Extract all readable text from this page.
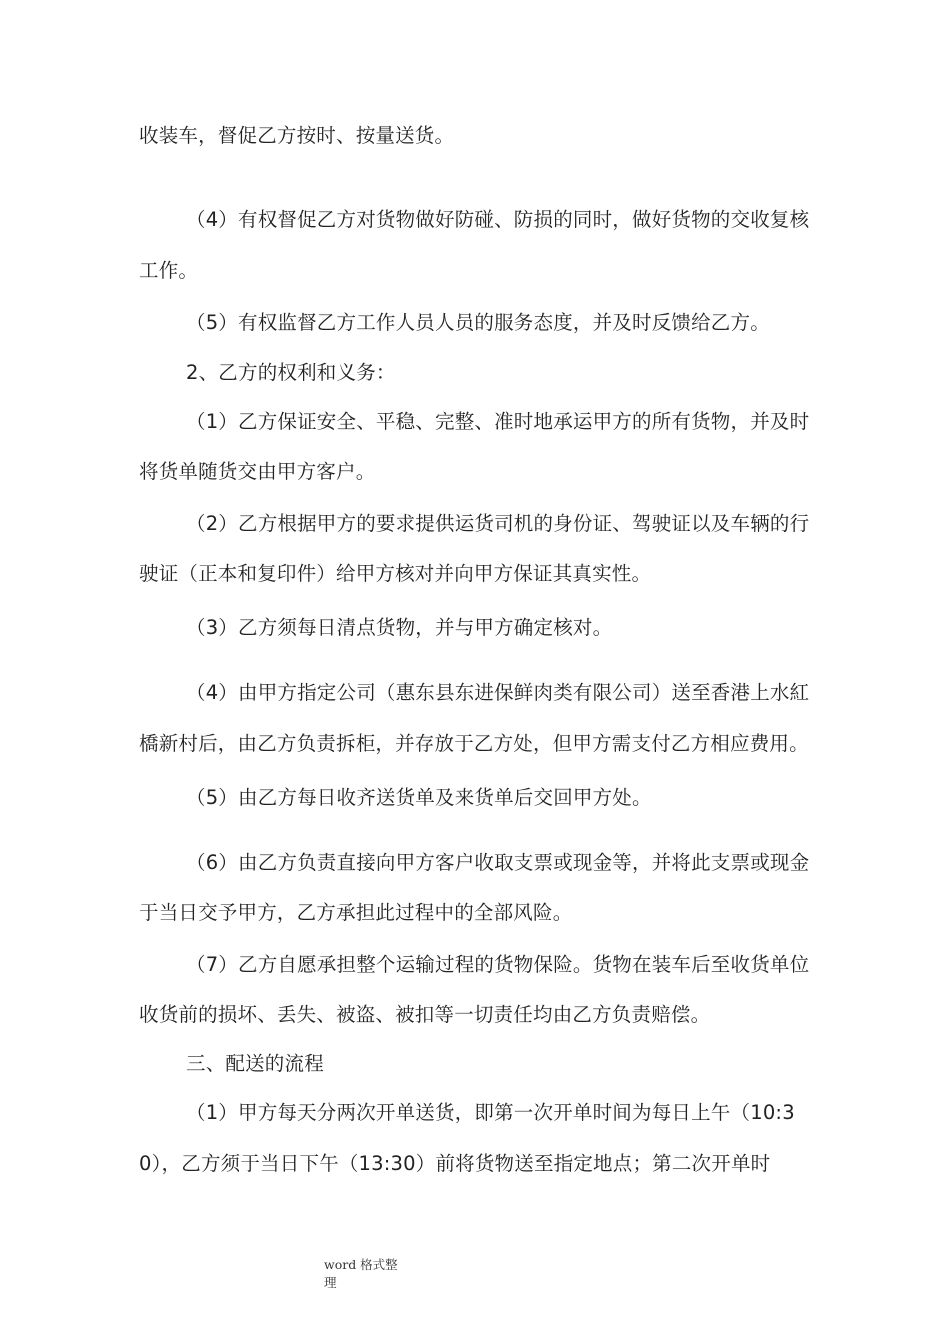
收装车，督促乙方按时、按量送货。
（4）有权督促乙方对货物做好防碰、防损的同时，做好货物的交收复核
工作。
（5）有权监督乙方工作人员人员的服务态度，并及时反馈给乙方。
2、乙方的权利和义务：
（1）乙方保证安全、平稳、完整、准时地承运甲方的所有货物，并及时
将货单随货交由甲方客户。
（2）乙方根据甲方的要求提供运货司机的身份证、驾驶证以及车辆的行
驶证（正本和复印件）给甲方核对并向甲方保证其真实性。
（3）乙方须每日清点货物，并与甲方确定核对。
（4）由甲方指定公司（惠东县东进保鲜肉类有限公司）送至香港上水紅
橋新村后，由乙方负责拆柜，并存放于乙方处，但甲方需支付乙方相应费用。
（5）由乙方每日收齐送货单及来货单后交回甲方处。
（6）由乙方负责直接向甲方客户收取支票或现金等，并将此支票或现金
于当日交予甲方，乙方承担此过程中的全部风险。
（7）乙方自愿承担整个运输过程的货物保险。货物在装车后至收货单位
收货前的损坏、丢失、被盗、被扣等一切责任均由乙方负责赔偿。
三、配送的流程
（1）甲方每天分两次开单送货，即第一次开单时间为每日上午（10:3
0），乙方须于当日下午（13:30）前将货物送至指定地点；第二次开单时
word 格式整
理
